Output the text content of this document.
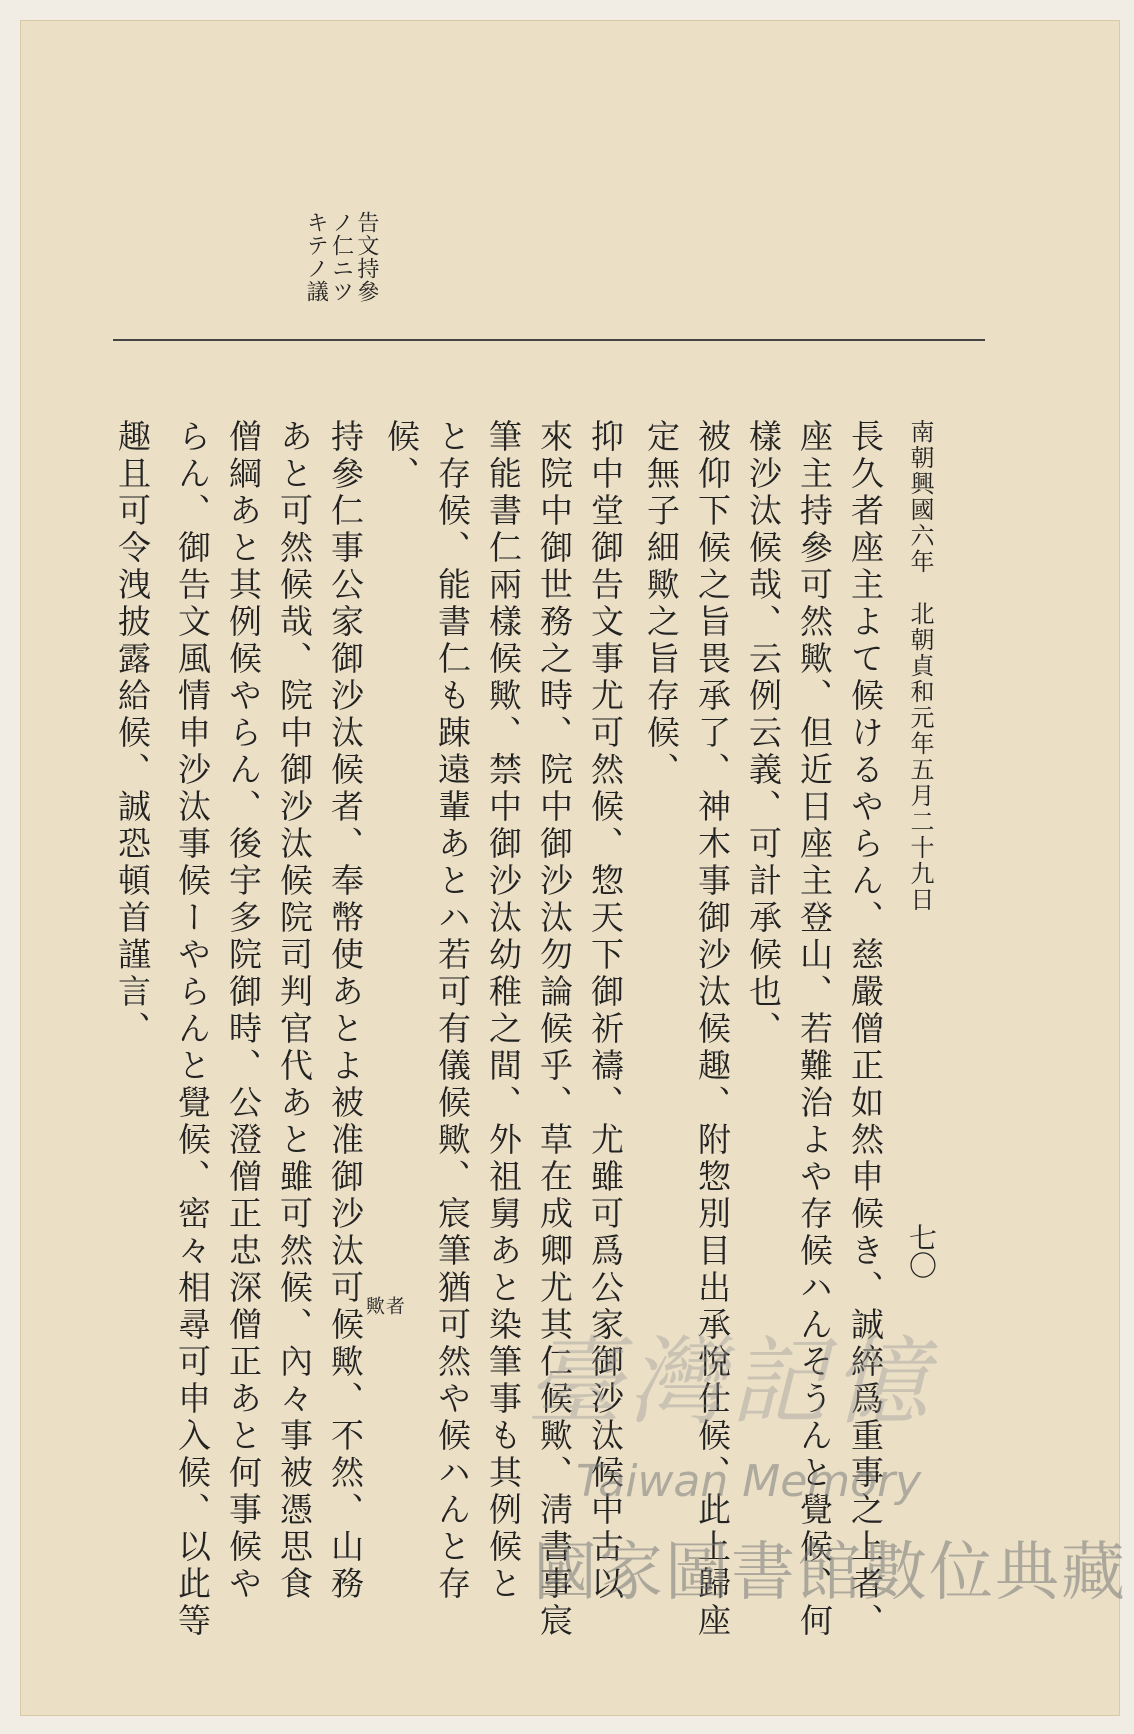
告文持參
ノ仁ニツ
キテノ議
南朝興國六年　北朝貞和元年五月二十九日
七〇
長久者座主よて候けるやらん、慈嚴僧正如然申候き、誠綷爲重事之上者、
座主持參可然歟、但近日座主登山、若難治よや存候ハんそうんと覺候、何
樣沙汰候哉、云例云義、可計承候也、
被仰下候之旨畏承了、神木事御沙汰候趣、附惣別目出承悅仕候、此上歸座
定無子細歟之旨存候、
抑中堂御告文事尤可然候、惣天下御祈禱、尤雖可爲公家御沙汰候中古以
來院中御世務之時、院中御沙汰勿論候乎、草在成卿尤其仁候歟、淸書事宸
筆能書仁兩樣候歟、禁中御沙汰幼稚之間、外祖舅あと染筆事も其例候と
と存候、能書仁も踈遠輩あとハ若可有儀候歟、宸筆猶可然や候ハんと存
候、
者
歟
持參仁事公家御沙汰候者、奉幣使あとよ被准御沙汰可候歟、不然、山務
あと可然候哉、院中御沙汰候院司判官代あと雖可然候、內々事被憑思食
僧綱あと其例候やらん、後宇多院御時、公澄僧正忠深僧正あと何事候や
らん、御告文風情申沙汰事候ーやらんと覺候、密々相尋可申入候、以此等
趣且可令洩披露給候、誠恐頓首謹言、
臺灣記憶
Taiwan Memory
國家圖書館數位典藏
